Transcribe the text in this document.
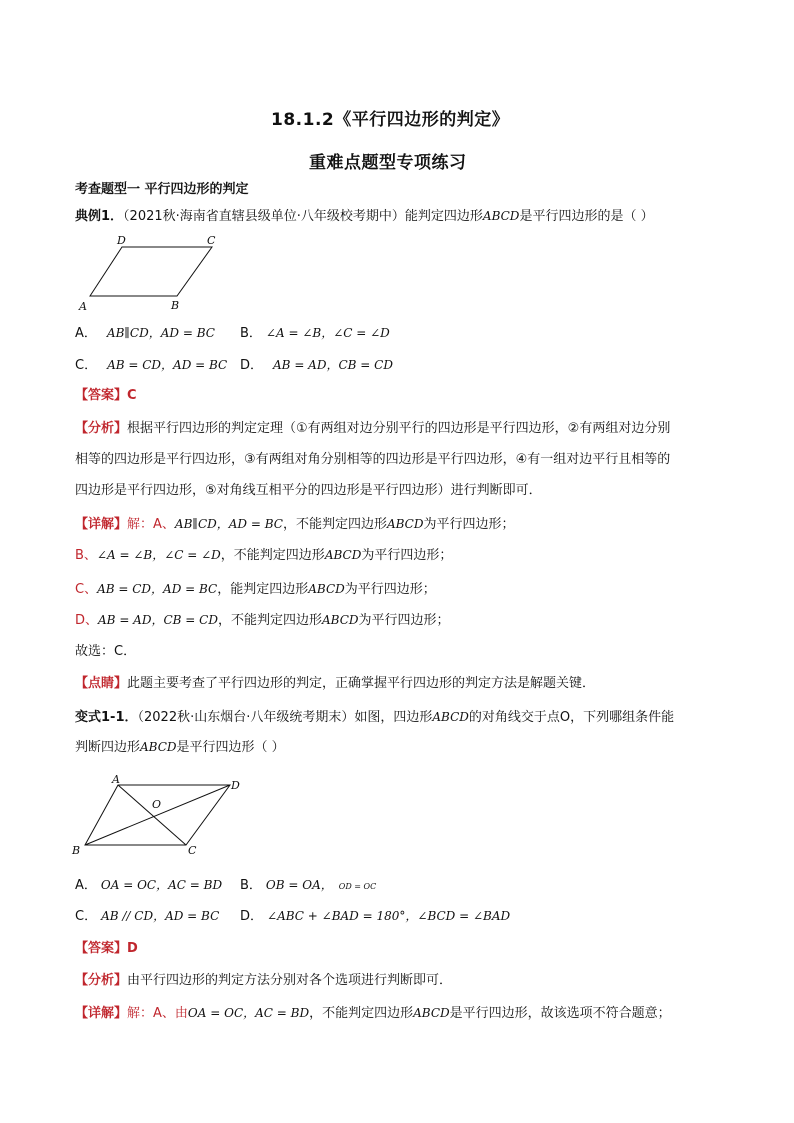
18.1.2《平行四边形的判定》
重难点题型专项练习
考查题型一 平行四边形的判定
典例1．（2021秋·海南省直辖县级单位·八年级校考期中）能判定四边形ABCD是平行四边形的是（ ）
D	C
A	B
A． AB∥CD，AD = BC B． ∠A = ∠B，∠C = ∠D
C． AB = CD，AD = BC D． AB = AD，CB = CD
【答案】C
【分析】根据平行四边形的判定定理（①有两组对边分别平行的四边形是平行四边形，②有两组对边分别
相等的四边形是平行四边形，③有两组对角分别相等的四边形是平行四边形，④有一组对边平行且相等的
四边形是平行四边形，⑤对角线互相平分的四边形是平行四边形）进行判断即可．
【详解】解：A、AB∥CD，AD = BC，不能判定四边形ABCD为平行四边形；
B、∠A = ∠B，∠C = ∠D，不能判定四边形ABCD为平行四边形；
C、AB = CD，AD = BC，能判定四边形ABCD为平行四边形；
D、AB = AD，CB = CD，不能判定四边形ABCD为平行四边形；
故选：C．
【点睛】此题主要考查了平行四边形的判定，正确掌握平行四边形的判定方法是解题关键．
变式1-1．（2022秋·山东烟台·八年级统考期末）如图，四边形ABCD的对角线交于点O，下列哪组条件能
判断四边形ABCD是平行四边形（ ）
A	D
O
B	C
A． OA = OC，AC = BD B． OB = OA， OD = OC
C． AB // CD，AD = BC D． ∠ABC + ∠BAD = 180°，∠BCD = ∠BAD
【答案】D
【分析】由平行四边形的判定方法分别对各个选项进行判断即可．
【详解】解：A、由OA = OC，AC = BD，不能判定四边形ABCD是平行四边形，故该选项不符合题意；
